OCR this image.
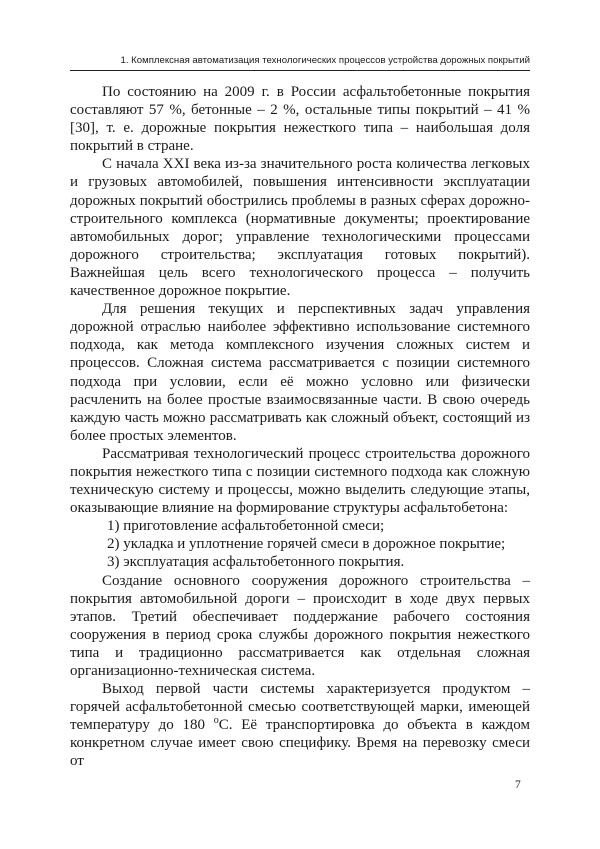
1. Комплексная автоматизация технологических процессов устройства дорожных покрытий

По состоянию на 2009 г. в России асфальтобетонные покрытия составляют 57 %, бетонные – 2 %, остальные типы покрытий – 41 % [30], т. е. дорожные покрытия нежесткого типа – наибольшая доля покрытий в стране.

С начала XXI века из-за значительного роста количества легковых и грузовых автомобилей, повышения интенсивности эксплуатации дорожных покрытий обострились проблемы в разных сферах дорожно-строительного комплекса (нормативные документы; проектирование автомобильных дорог; управление технологическими процессами дорожного строительства; эксплуатация готовых покрытий). Важнейшая цель всего технологического процесса – получить качественное дорожное покрытие.

Для решения текущих и перспективных задач управления дорожной отраслью наиболее эффективно использование системного подхода, как метода комплексного изучения сложных систем и процессов. Сложная система рассматривается с позиции системного подхода при условии, если её можно условно или физически расчленить на более простые взаимосвязанные части. В свою очередь каждую часть можно рассматривать как сложный объект, состоящий из более простых элементов.

Рассматривая технологический процесс строительства дорожного покрытия нежесткого типа с позиции системного подхода как сложную техническую систему и процессы, можно выделить следующие этапы, оказывающие влияние на формирование структуры асфальтобетона:

1) приготовление асфальтобетонной смеси;

2) укладка и уплотнение горячей смеси в дорожное покрытие;

3) эксплуатация асфальтобетонного покрытия.

Создание основного сооружения дорожного строительства – покрытия автомобильной дороги – происходит в ходе двух первых этапов. Третий обеспечивает поддержание рабочего состояния сооружения в период срока службы дорожного покрытия нежесткого типа и традиционно рассматривается как отдельная сложная организационно-техническая система.

Выход первой части системы характеризуется продуктом – горячей асфальтобетонной смесью соответствующей марки, имеющей температуру до 180 $^о$С. Её транспортировка до объекта в каждом конкретном случае имеет свою специфику. Время на перевозку смеси от

7
